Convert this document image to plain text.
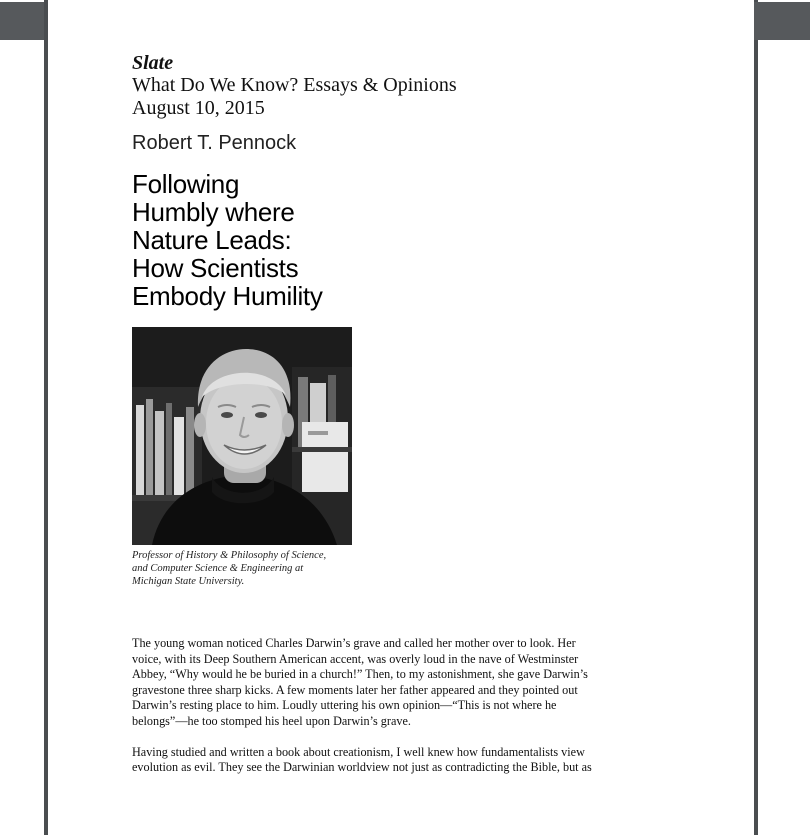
Slate

What Do We Know? Essays & Opinions

August 10, 2015

Robert T. Pennock

Following
Humbly where
Nature Leads:
How Scientists
Embody Humility

Professor of History & Philosophy of Science,
and Computer Science & Engineering at
Michigan State University.

The young woman noticed Charles Darwin’s grave and called her mother over to look. Her
voice, with its Deep Southern American accent, was overly loud in the nave of Westminster
Abbey, “Why would he be buried in a church!” Then, to my astonishment, she gave Darwin’s
gravestone three sharp kicks. A few moments later her father appeared and they pointed out
Darwin’s resting place to him. Loudly uttering his own opinion—“This is not where he
belongs”—he too stomped his heel upon Darwin’s grave.

Having studied and written a book about creationism, I well knew how fundamentalists view
evolution as evil. They see the Darwinian worldview not just as contradicting the Bible, but as
